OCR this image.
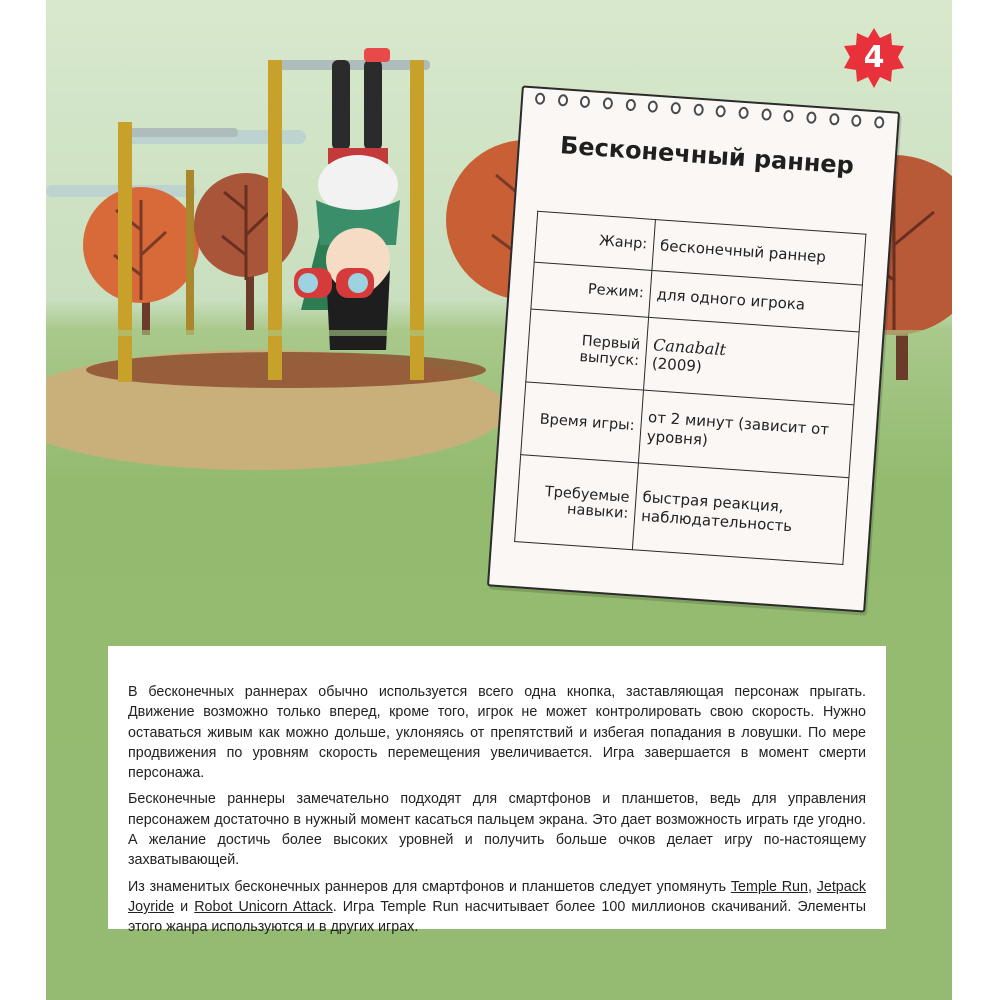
4
Бесконечный раннер
Жанр:	бесконечный раннер
Режим:	для одного игрока
Первый выпуск:	Canabalt
(2009)
Время игры:	от 2 минут (зависит от уровня)
Требуемые навыки:	быстрая реакция, наблюдательность

В бесконечных раннерах обычно используется всего одна кнопка, заставляющая персонаж прыгать. Движение возможно только вперед, кроме того, игрок не может контролировать свою скорость. Нужно оставаться живым как можно дольше, уклоняясь от препятствий и избегая попадания в ловушки. По мере продвижения по уровням скорость перемещения увеличивается. Игра завершается в момент смерти персонажа.

Бесконечные раннеры замечательно подходят для смартфонов и планшетов, ведь для управления персонажем достаточно в нужный момент касаться пальцем экрана. Это дает возможность играть где угодно. А желание достичь более высоких уровней и получить больше очков делает игру по-настоящему захватывающей.

Из знаменитых бесконечных раннеров для смартфонов и планшетов следует упомянуть Temple Run, Jetpack Joyride и Robot Unicorn Attack. Игра Temple Run насчитывает более 100 миллионов скачиваний. Элементы этого жанра используются и в других играх.
